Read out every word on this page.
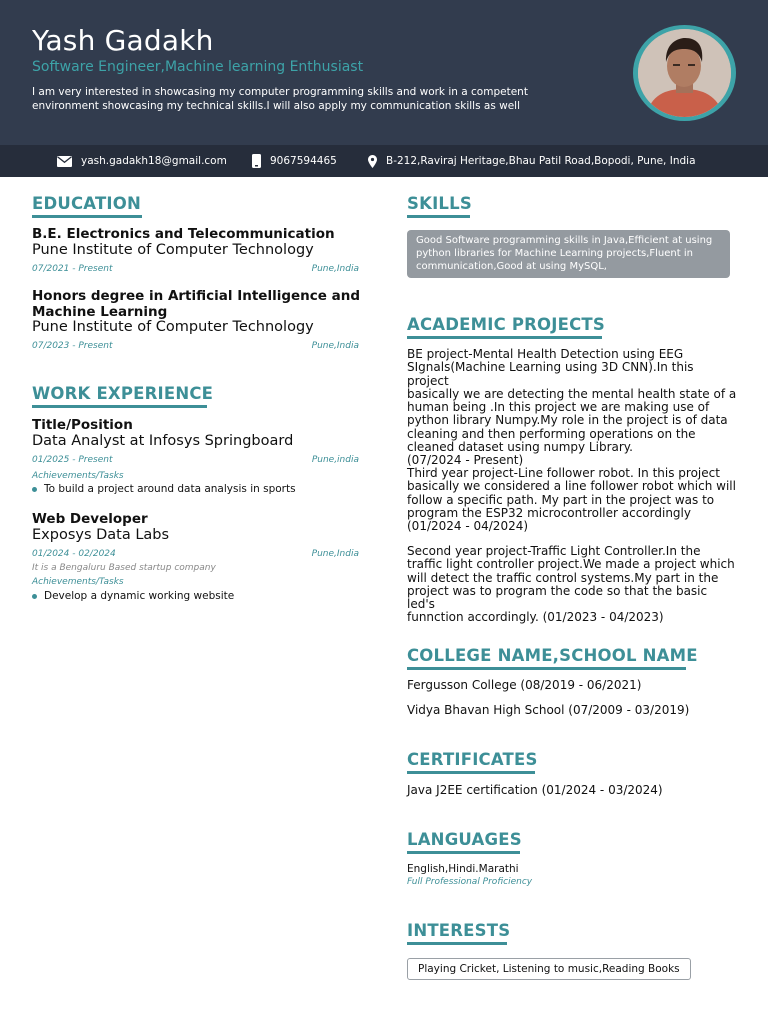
Yash Gadakh
Software Engineer,Machine learning Enthusiast
I am very interested in showcasing my computer programming skills and work in a competent environment showcasing my technical skills.I will also apply my communication skills as well
yash.gadakh18@gmail.com	9067594465	B-212,Raviraj Heritage,Bhau Patil Road,Bopodi, Pune, India
EDUCATION
B.E. Electronics and Telecommunication
Pune Institute of Computer Technology
07/2021 - Present	Pune,India
Honors degree in Artificial Intelligence and Machine Learning
Pune Institute of Computer Technology
07/2023 - Present	Pune,India
WORK EXPERIENCE
Title/Position
Data Analyst at Infosys Springboard
01/2025 - Present	Pune,india
Achievements/Tasks
To build a project around data analysis in sports
Web Developer
Exposys Data Labs
01/2024 - 02/2024	Pune,India
It is a Bengaluru Based startup company
Achievements/Tasks
Develop a dynamic working website
SKILLS
Good Software programming skills in Java,Efficient at using python libraries for Machine Learning projects,Fluent in communication,Good at using MySQL,
ACADEMIC PROJECTS
BE project-Mental Health Detection using EEG
SIgnals(Machine Learning using 3D CNN).In this project
basically we are detecting the mental health state of a
human being .In this project we are making use of
python library Numpy.My role in the project is of data
cleaning and then performing operations on the
cleaned dataset using numpy Library.
(07/2024 - Present)
Third year project-Line follower robot. In this project
basically we considered a line follower robot which will
follow a specific path. My part in the project was to
program the ESP32 microcontroller accordingly
(01/2024 - 04/2024)
Second year project-Traffic Light Controller.In the
traffic light controller project.We made a project which
will detect the traffic control systems.My part in the
project was to program the code so that the basic led's
funnction accordingly. (01/2023 - 04/2023)
COLLEGE NAME,SCHOOL NAME
Fergusson College (08/2019 - 06/2021)
Vidya Bhavan High School (07/2009 - 03/2019)
CERTIFICATES
Java J2EE certification (01/2024 - 03/2024)
LANGUAGES
English,Hindi.Marathi
Full Professional Proficiency
INTERESTS
Playing Cricket, Listening to music,Reading Books
